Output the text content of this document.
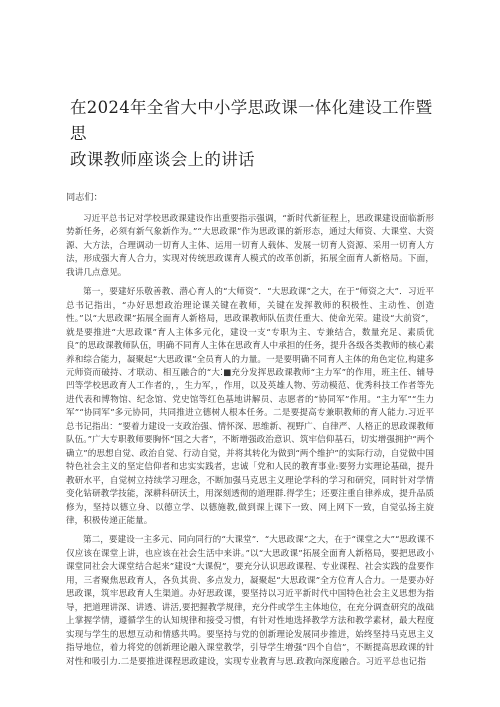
在2024年全省大中小学思政课一体化建设工作暨思
政课教师座谈会上的讲话

同志们：

习近平总书记对学校思政课建设作出重要指示强调，“新时代新征程上，思政课建设面临新形势新任务，必须有新气象新作为。”“大思政课”作为思政课的新形态，通过大师资、大课堂、大资源、大方法，合理调动一切育人主体、运用一切育人载体、发展一切育人资源、采用一切育人方法，形成强大育人合力，实现对传统思政课育人模式的改革创新，拓展全面育人新格局。下面，我讲几点意见。

第一，要建好乐敬善教、潜心育人的“大师资”．“大思政课”之大，在于“师资之大”．习近平总书记指出，“办好思想政治理论课关键在教师，关键在发挥教师的积极性、主动性、创造性。”以“大思政课”拓展全面育人新格局，思政课教师队伍责任重大、使命光荣。建设“大前资”，就是要推进“大思政课”育人主体多元化，建设一支“专职为主、专兼结合，数量充足、素质优良”的思政课教师队伍，明确不同育人主体在思政育人中承担的任务，提升各级各类教师的核心素养和综合能力，凝聚起“大思政课”全员育人的力量。一是要明确不同育人主体的角色定位,构建多元师资而破持、才联动、相互融合的“大⁚■充分发挥思政课教师“主力军”的作用，班主任、辅导凹等学校思政育人工作者的，，生力军，，作用，以及英雄人物、劳动模范、优秀科技工作者等先进代表和博物馆、纪念馆、党史馆等红色基地讲解员、志愿者的“协同军”作用。“主力军”“生力军”“协同军”多元协同，共同推进立德树人根本任务。二是要提高专兼职教师的育人能力.习近平总书记指出：“要着力建设一支政治强、情怀深、思维新、视野广、自律严、人格正的思政课教师队伍。”广大专职教师要胸怀“国之大者”，不断增强政治意识、筑牢信仰基石，切实增强拥护“两个确立”的思想自觉、政治自觉、行动自觉，并将其转化为做到“两个维护”的实际行动，自觉做中国特色社会主义的坚定信仰者和忠实实践者，忠诚「党和人民的教育事业:要努力实理论基础，提升教研水平，自觉树立持续学习理念，不断加强马克思主义理论学科的学习和研究，同时针对学情变化钻研教学技能，深耕科研沃土，用深刻透彻的道理群.得学生；还要注重自律养成，提升品质修为，坚持以德立身、以德立学、以德施教,做到课上课下一致、网上网下一致，自觉弘扬主旋律，积极传递正能量。

第二，要建设一主多元、同向同行的“大课堂”．“大思政课”之大，在于“课堂之大”“思政课不仅应该在课堂上讲，也应该在社会生活中来讲。”以“大思政课”拓展全面育人新格局，要把思政小课堂同社会大课堂结合起来”建设“大课倪”，要充分认识思政课程、专业课程、社会实践的盘要作用，三者聚焦思政育人，各负其贵、多点发力，凝聚起“大思政课”全方位育人合力。一是要办好思政课，筑牢思政育人生渠道。办好思政课，要坚持以习近平新时代中国特色社会主义思想为指导，把道理讲深、讲透、讲活,要把握教学规律，充分件或学生主体地位，在充分调查研究的战础上掌握学情，遵循学生的认知规律和接受习惯，有针对性地选择教学方法和教学素材，最大程度实现与学生的思想互动和情感共鸣。要坚持与党的创新理论发展同步推进，始终坚持马克思主义指导地位，着力将党的创新理论融入课堂教学，引导学生增强“四个自信”，不断提高思政课的针对性和吸引力.二是要推进课程思政建设，实现专业教育与思.政教向深度融合。习近平总也记指
